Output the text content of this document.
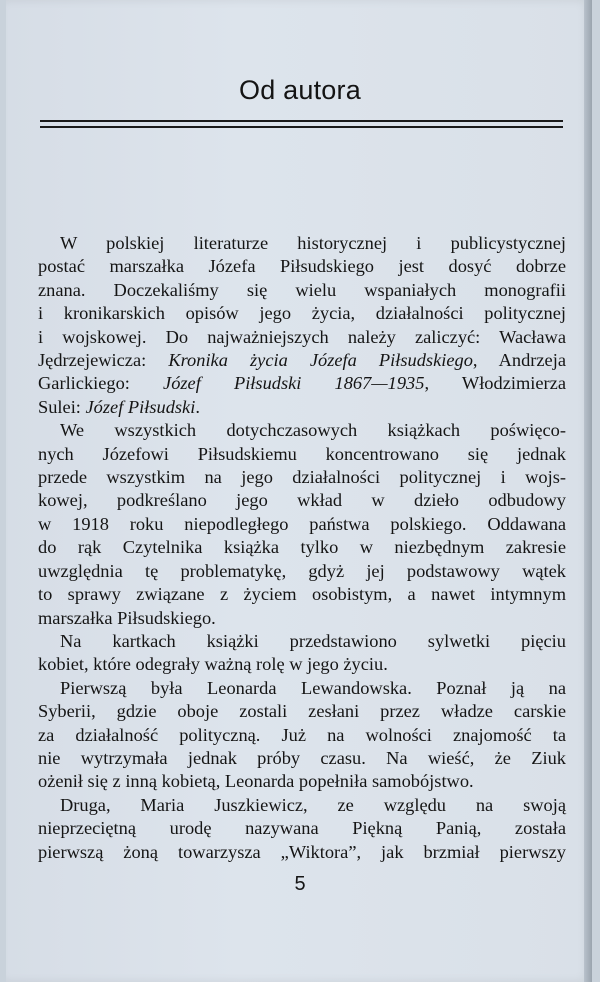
Od autora
W polskiej literaturze historycznej i publicystycznej
postać marszałka Józefa Piłsudskiego jest dosyć dobrze
znana. Doczekaliśmy się wielu wspaniałych monografii
i kronikarskich opisów jego życia, działalności politycznej
i wojskowej. Do najważniejszych należy zaliczyć: Wacława
Jędrzejewicza: Kronika życia Józefa Piłsudskiego, Andrzeja
Garlickiego: Józef Piłsudski 1867—1935, Włodzimierza
Sulei: Józef Piłsudski.
We wszystkich dotychczasowych książkach poświęco-
nych Józefowi Piłsudskiemu koncentrowano się jednak
przede wszystkim na jego działalności politycznej i wojs-
kowej, podkreślano jego wkład w dzieło odbudowy
w 1918 roku niepodległego państwa polskiego. Oddawana
do rąk Czytelnika książka tylko w niezbędnym zakresie
uwzględnia tę problematykę, gdyż jej podstawowy wątek
to sprawy związane z życiem osobistym, a nawet intymnym
marszałka Piłsudskiego.
Na kartkach książki przedstawiono sylwetki pięciu
kobiet, które odegrały ważną rolę w jego życiu.
Pierwszą była Leonarda Lewandowska. Poznał ją na
Syberii, gdzie oboje zostali zesłani przez władze carskie
za działalność polityczną. Już na wolności znajomość ta
nie wytrzymała jednak próby czasu. Na wieść, że Ziuk
ożenił się z inną kobietą, Leonarda popełniła samobójstwo.
Druga, Maria Juszkiewicz, ze względu na swoją
nieprzeciętną urodę nazywana Piękną Panią, została
pierwszą żoną towarzysza „Wiktora”, jak brzmiał pierwszy
5
